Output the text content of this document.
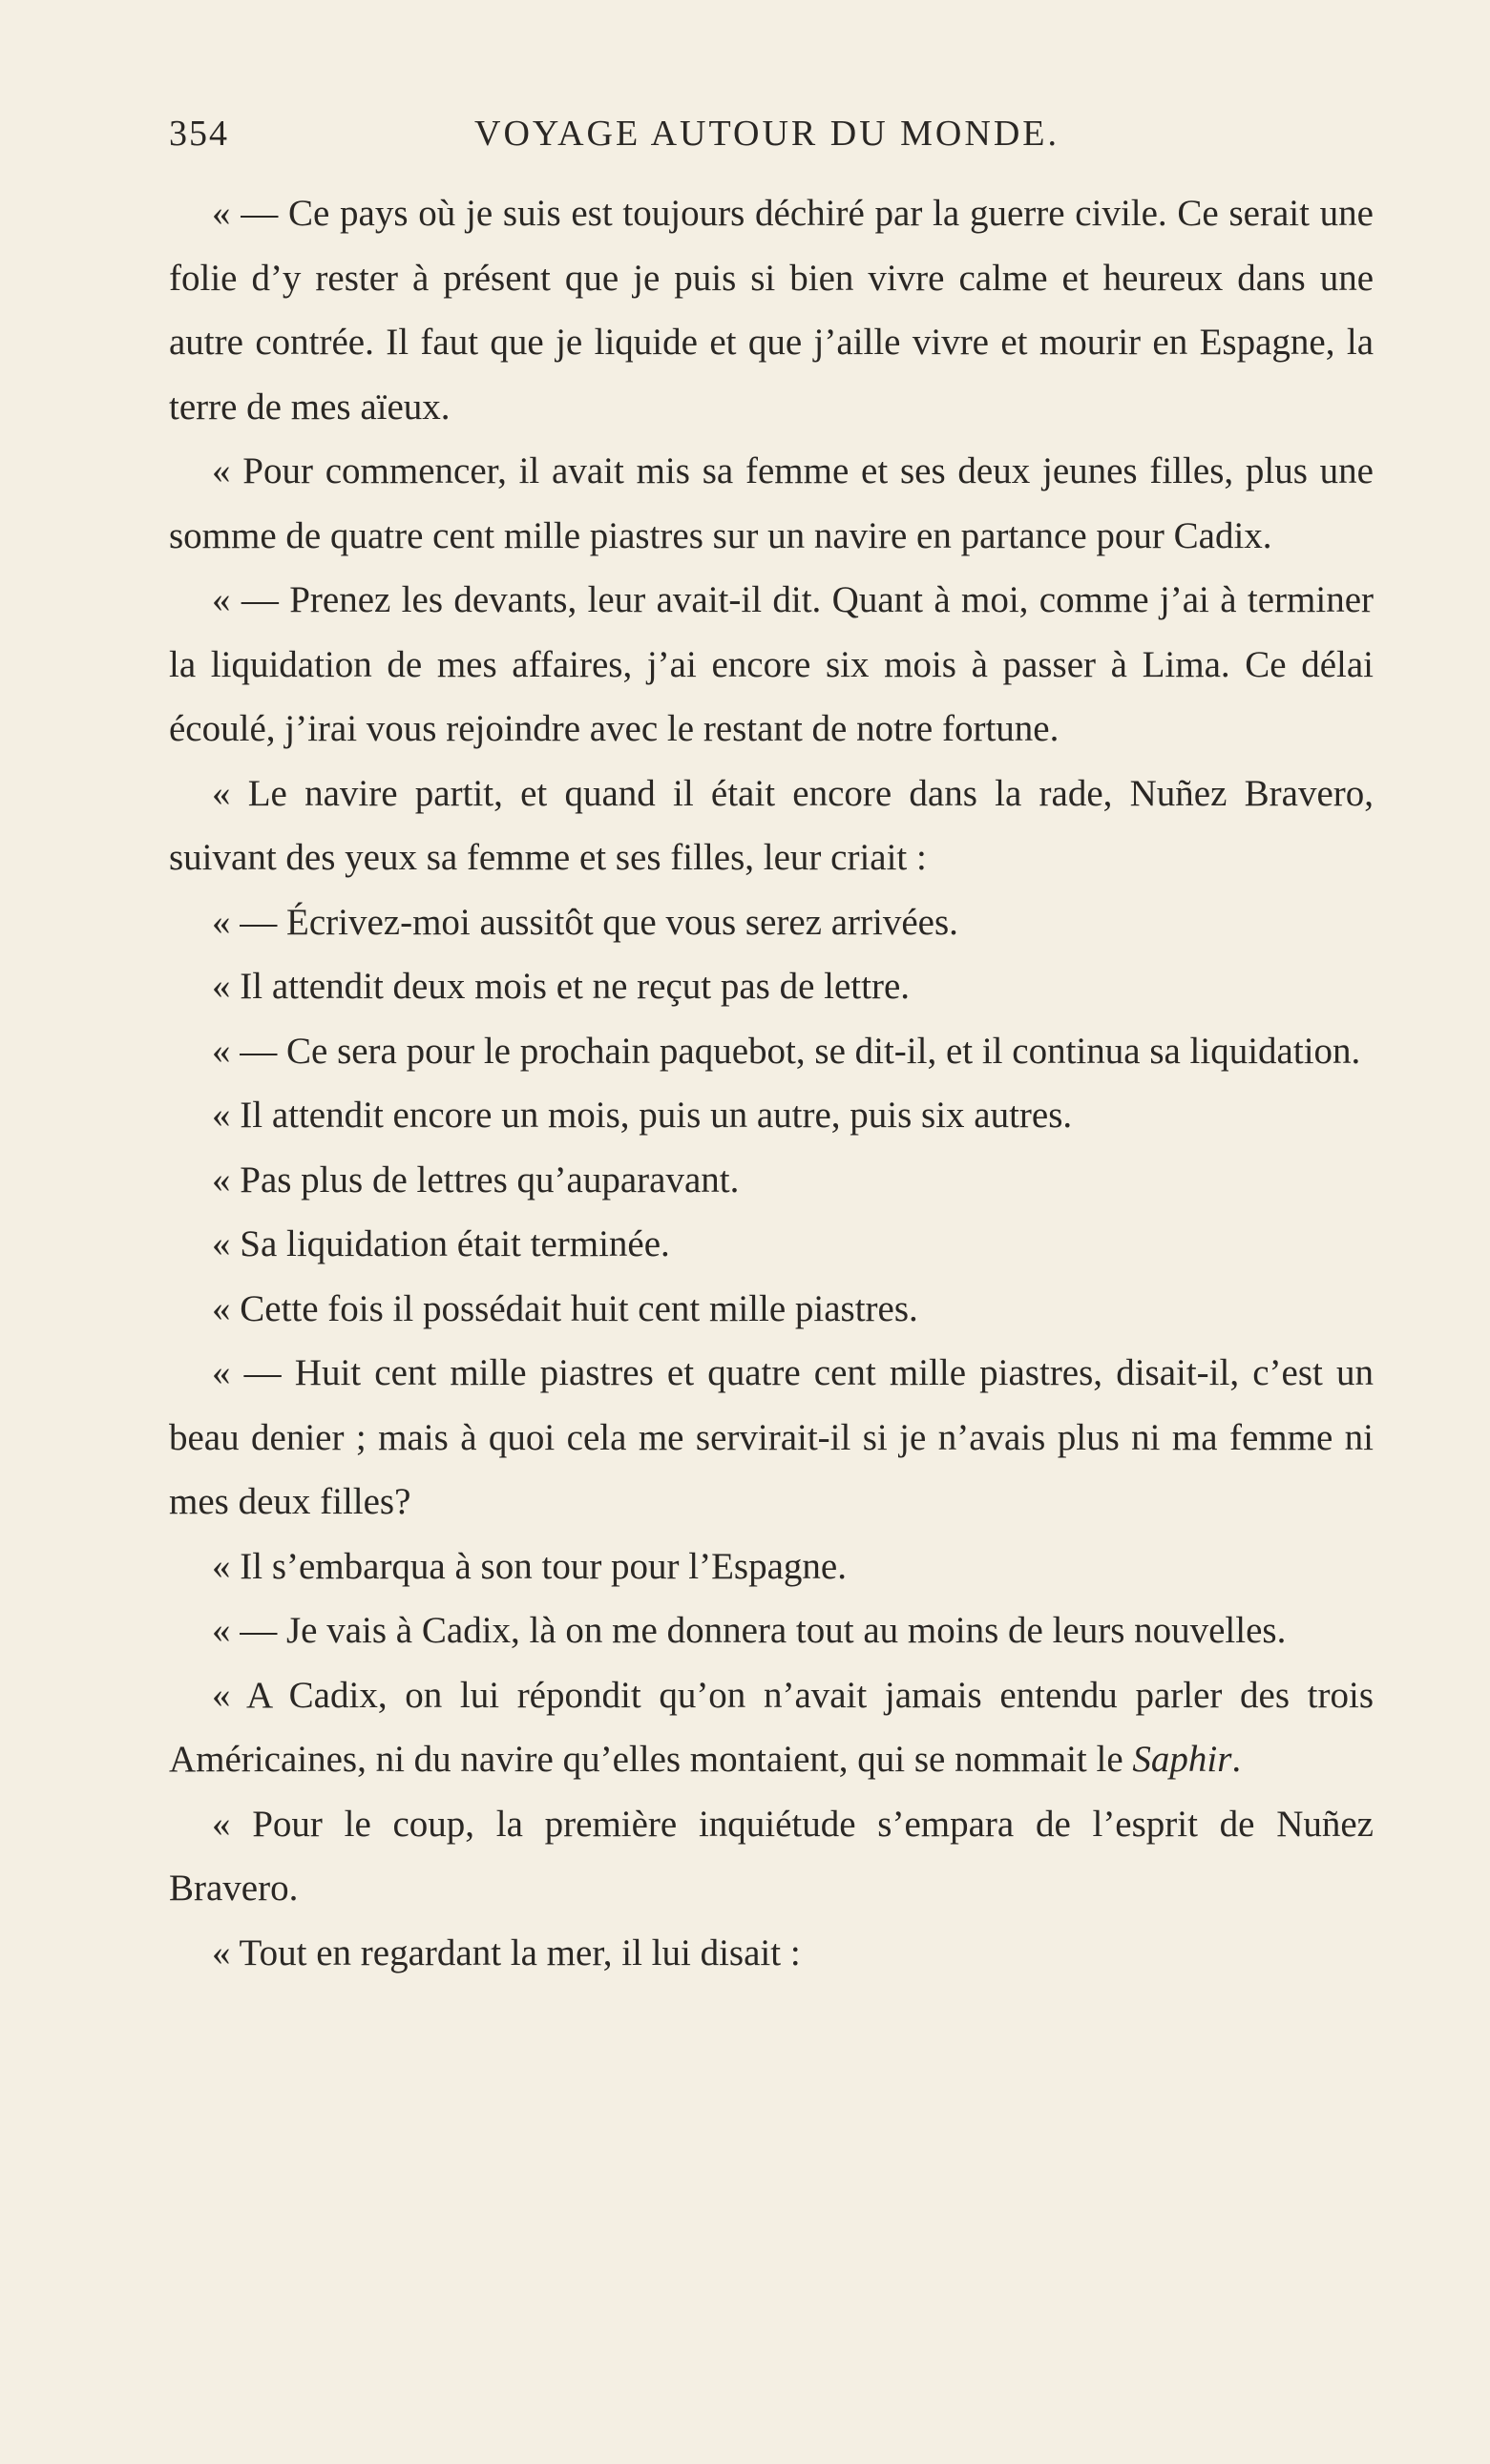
354	VOYAGE AUTOUR DU MONDE.

« — Ce pays où je suis est toujours déchiré par la guerre civile. Ce serait une folie d’y rester à présent que je puis si bien vivre calme et heureux dans une autre contrée. Il faut que je liquide et que j’aille vivre et mourir en Espagne, la terre de mes aïeux.

« Pour commencer, il avait mis sa femme et ses deux jeunes filles, plus une somme de quatre cent mille piastres sur un navire en partance pour Cadix.

« — Prenez les devants, leur avait-il dit. Quant à moi, comme j’ai à terminer la liquidation de mes affaires, j’ai encore six mois à passer à Lima. Ce délai écoulé, j’irai vous rejoindre avec le restant de notre fortune.

« Le navire partit, et quand il était encore dans la rade, Nuñez Bravero, suivant des yeux sa femme et ses filles, leur criait :

« — Écrivez-moi aussitôt que vous serez arrivées.

« Il attendit deux mois et ne reçut pas de lettre.

« — Ce sera pour le prochain paquebot, se dit-il, et il continua sa liquidation.

« Il attendit encore un mois, puis un autre, puis six autres.

« Pas plus de lettres qu’auparavant.

« Sa liquidation était terminée.

« Cette fois il possédait huit cent mille piastres.

« — Huit cent mille piastres et quatre cent mille piastres, disait-il, c’est un beau denier ; mais à quoi cela me servirait-il si je n’avais plus ni ma femme ni mes deux filles?

« Il s’embarqua à son tour pour l’Espagne.

« — Je vais à Cadix, là on me donnera tout au moins de leurs nouvelles.

« A Cadix, on lui répondit qu’on n’avait jamais entendu parler des trois Américaines, ni du navire qu’elles montaient, qui se nommait le Saphir.

« Pour le coup, la première inquiétude s’empara de l’esprit de Nuñez Bravero.

« Tout en regardant la mer, il lui disait :
